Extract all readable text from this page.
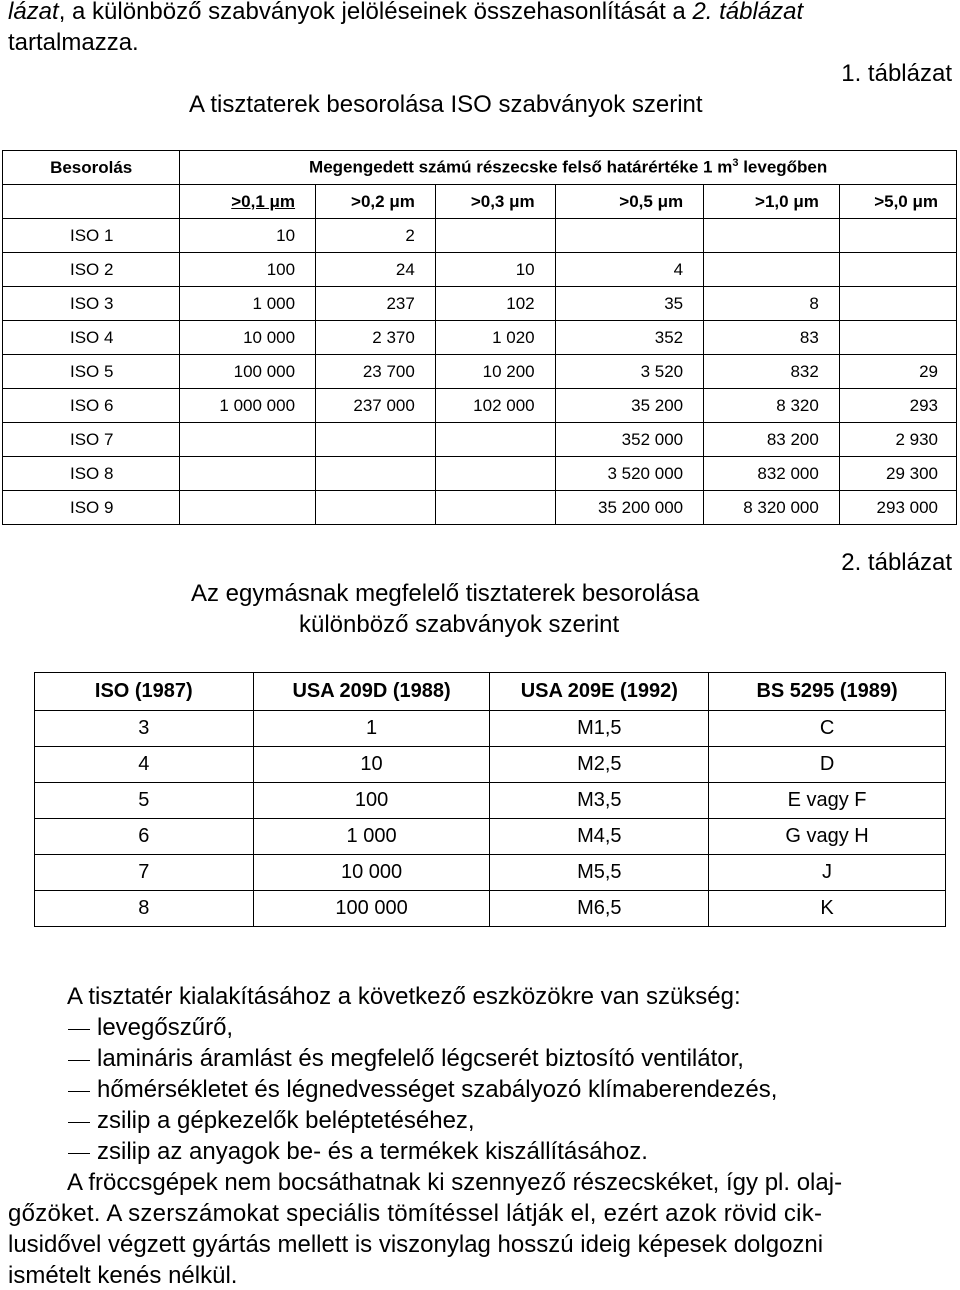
lázat, a különböző szabványok jelöléseinek összehasonlítását a 2. táblázat
tartalmazza.
1. táblázat
A tisztaterek besorolása ISO szabványok szerint
Besorolás	Megengedett számú részecske felső határértéke 1 $m^3$ levegőben					
	>0,1 μm	>0,2 μm	>0,3 μm	>0,5 μm	>1,0 μm	>5,0 μm
ISO 1	10	2				
ISO 2	100	24	10	4		
ISO 3	1 000	237	102	35	8	
ISO 4	10 000	2 370	1 020	352	83	
ISO 5	100 000	23 700	10 200	3 520	832	29
ISO 6	1 000 000	237 000	102 000	35 200	8 320	293
ISO 7				352 000	83 200	2 930
ISO 8				3 520 000	832 000	29 300
ISO 9				35 200 000	8 320 000	293 000
2. táblázat
Az egymásnak megfelelő tisztaterek besorolása
különböző szabványok szerint
ISO (1987)	USA 209D (1988)	USA 209E (1992)	BS 5295 (1989)
3	1	M1,5	C
4	10	M2,5	D
5	100	M3,5	E vagy F
6	1 000	M4,5	G vagy H
7	10 000	M5,5	J
8	100 000	M6,5	K
A tisztatér kialakításához a következő eszközökre van szükség:
levegőszűrő,
lamináris áramlást és megfelelő légcserét biztosító ventilátor,
hőmérsékletet és légnedvességet szabályozó klímaberendezés,
zsilip a gépkezelők beléptetéséhez,
zsilip az anyagok be- és a termékek kiszállításához.
A fröccsgépek nem bocsáthatnak ki szennyező részecskéket, így pl. olaj-
gőzöket. A szerszámokat speciális tömítéssel látják el, ezért azok rövid cik-
lusidővel végzett gyártás mellett is viszonylag hosszú ideig képesek dolgozni
ismételt kenés nélkül.
